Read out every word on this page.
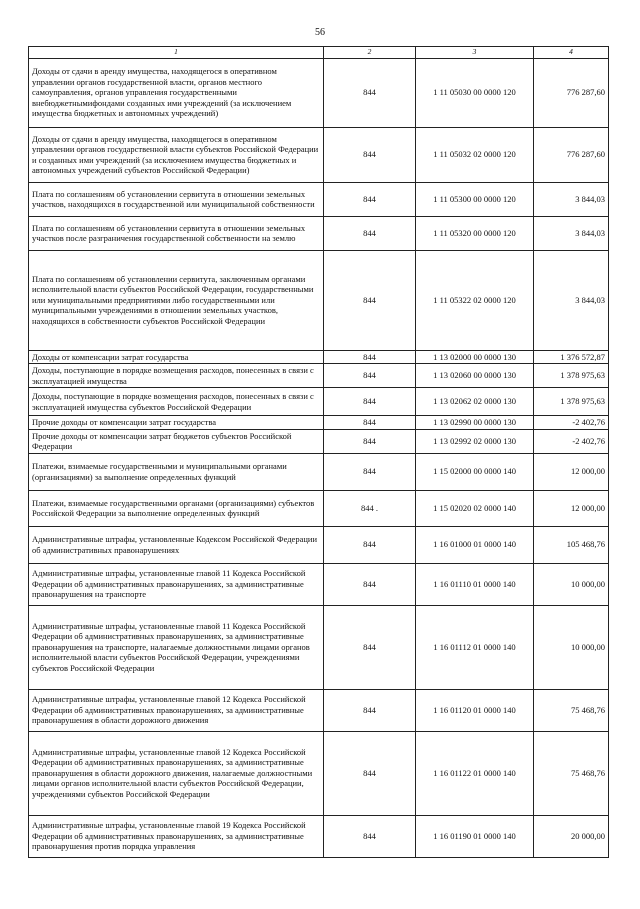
56
1	2	3	4
Доходы от сдачи в аренду имущества, находящегося в оперативном управлении органов государственной власти, органов местного самоуправления, органов управления государственными внебюджетнымифондами созданных ими учреждений (за исключением имущества бюджетных и автономных учреждений)	844	1 11 05030 00 0000 120	776 287,60
Доходы от сдачи в аренду имущества, находящегося в оперативном управлении органов государственной власти субъектов Российской Федерации и созданных ими учреждений (за исключением имущества бюджетных и автономных учреждений субъектов Российской Федерации)	844	1 11 05032 02 0000 120	776 287,60
Плата по соглашениям об установлении сервитута в отношении земельных участков, находящихся в государственной или муниципальной собственности	844	1 11 05300 00 0000 120	3 844,03
Плата по соглашениям об установлении сервитута в отношении земельных участков после разграничения государственной собственности на землю	844	1 11 05320 00 0000 120	3 844,03
Плата по соглашениям об установлении сервитута, заключенным органами исполнительной власти субъектов Российской Федерации, государственными или муниципальными предприятиями либо государственными или муниципальными учреждениями в отношении земельных участков, находящихся в собственности субъектов Российской Федерации	844	1 11 05322 02 0000 120	3 844,03
Доходы от компенсации затрат государства	844	1 13 02000 00 0000 130	1 376 572,87
Доходы, поступающие в порядке возмещения расходов, понесенных в связи с эксплуатацией имущества	844	1 13 02060 00 0000 130	1 378 975,63
Доходы, поступающие в порядке возмещения расходов, понесенных в связи с эксплуатацией имущества субъектов Российской Федерации	844	1 13 02062 02 0000 130	1 378 975,63
Прочие доходы от компенсации затрат государства	844	1 13 02990 00 0000 130	-2 402,76
Прочие доходы от компенсации затрат бюджетов субъектов Российской Федерации	844	1 13 02992 02 0000 130	-2 402,76
Платежи, взимаемые государственными и муниципальными органами (организациями) за выполнение определенных функций	844	1 15 02000 00 0000 140	12 000,00
Платежи, взимаемые государственными органами (организациями) субъектов Российской Федерации за выполнение определенных функций	844 .	1 15 02020 02 0000 140	12 000,00
Административные штрафы, установленные Кодексом Российской Федерации об административных правонарушениях	844	1 16 01000 01 0000 140	105 468,76
Административные штрафы, установленные главой 11 Кодекса Российской Федерации об административных правонарушениях, за административные правонарушения на транспорте	844	1 16 01110 01 0000 140	10 000,00
Административные штрафы, установленные главой 11 Кодекса Российской Федерации об административных правонарушениях, за административные правонарушения на транспорте, налагаемые должностными лицами органов исполнительной власти субъектов Российской Федерации, учреждениями субъектов Российской Федерации	844	1 16 01112 01 0000 140	10 000,00
Административные штрафы, установленные главой 12 Кодекса Российской Федерации об административных правонарушениях, за административные правонарушения в области дорожного движения	844	1 16 01120 01 0000 140	75 468,76
Административные штрафы, установленные главой 12 Кодекса Российской Федерации об административных правонарушениях, за административные правонарушения в области дорожного движения, налагаемые должностными лицами органов исполнительной власти субъектов Российской Федерации, учреждениями субъектов Российской Федерации	844	1 16 01122 01 0000 140	75 468,76
Административные штрафы, установленные главой 19 Кодекса Российской Федерации об административных правонарушениях, за административные правонарушения против порядка управления	844	1 16 01190 01 0000 140	20 000,00
